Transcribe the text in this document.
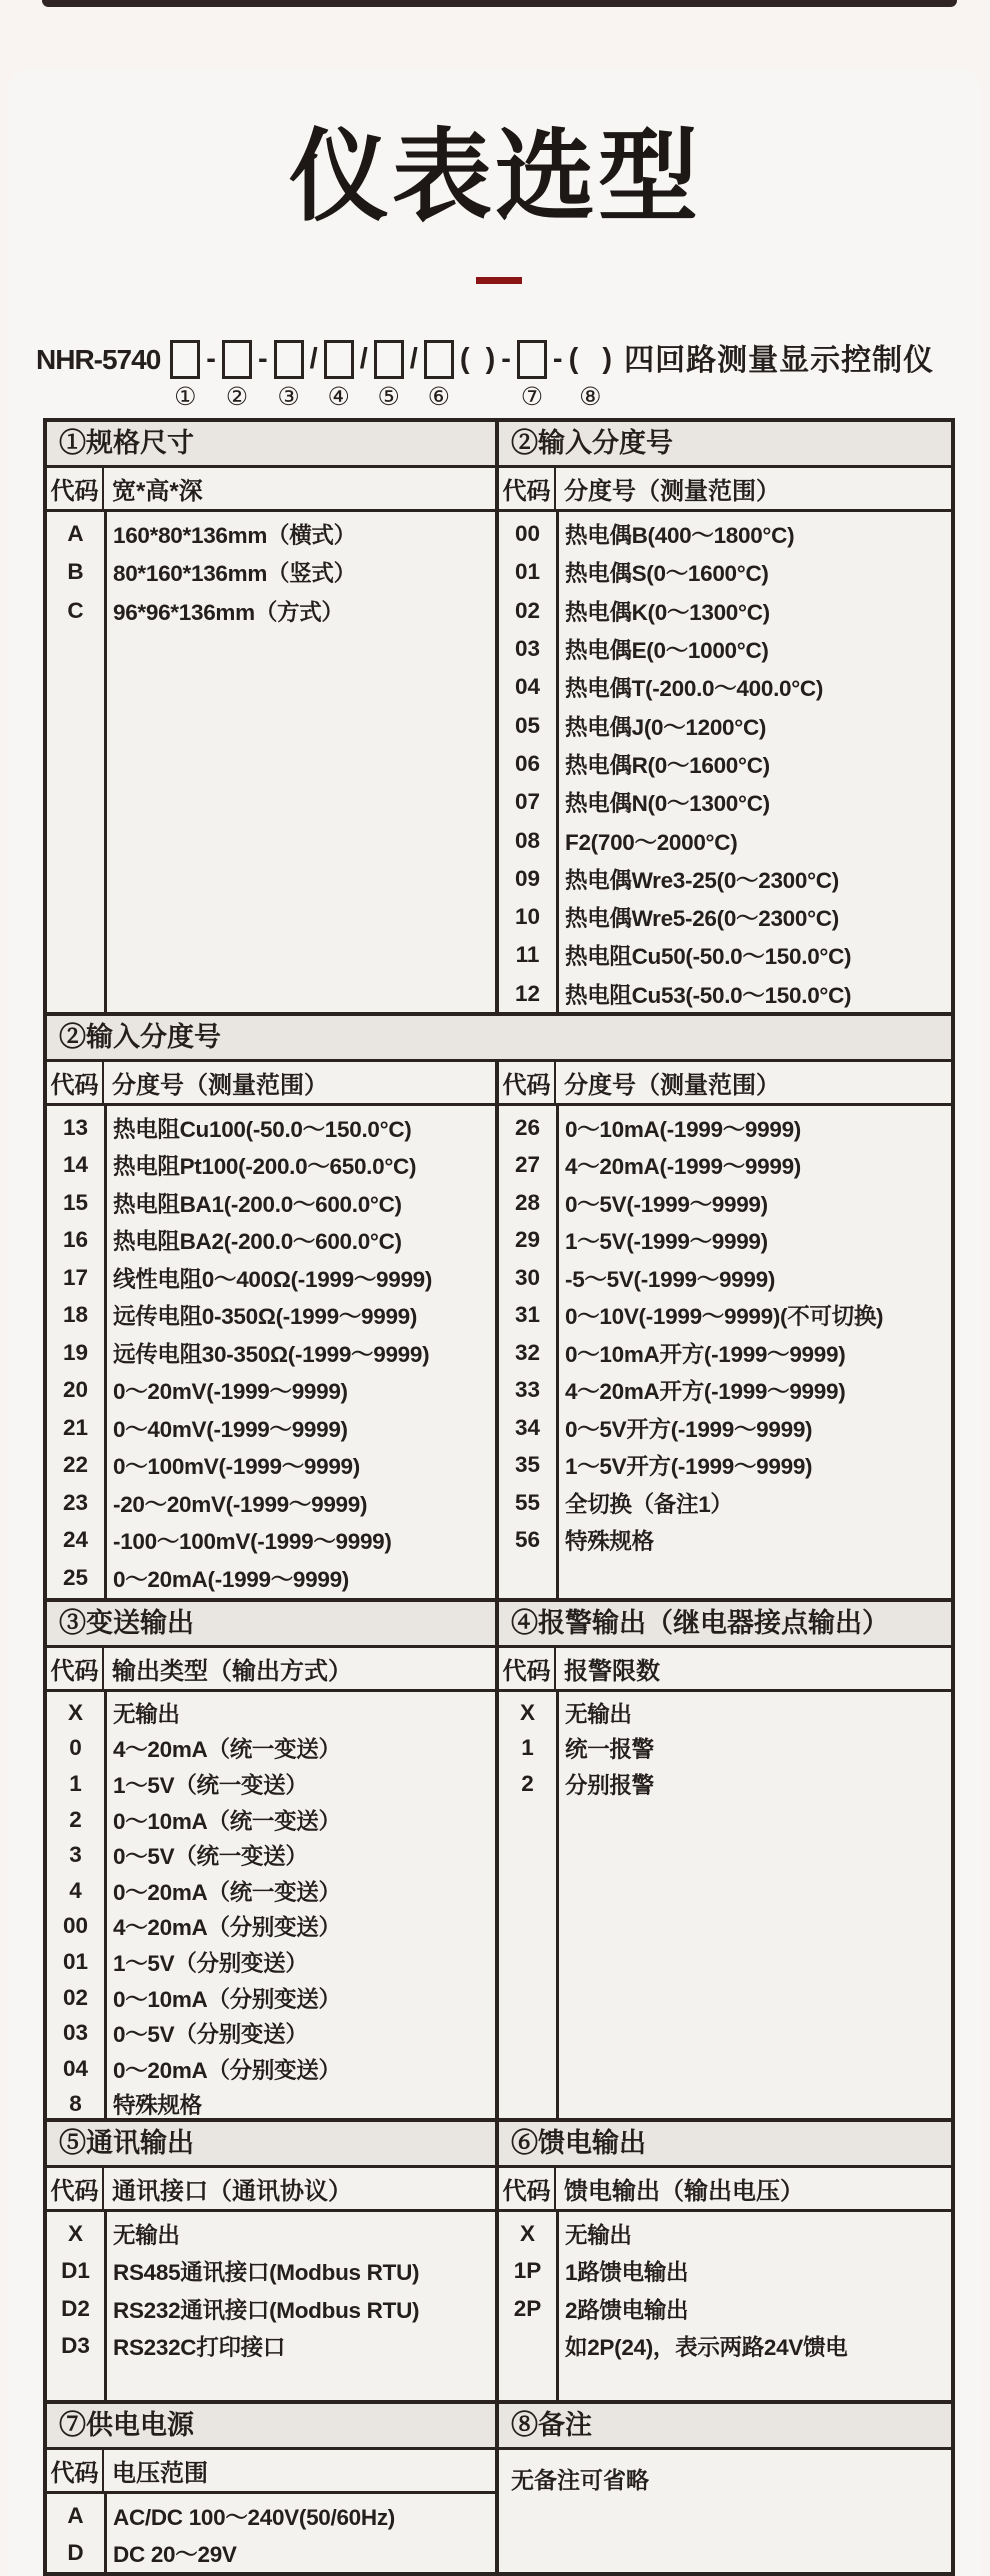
仪表选型
NHR-5740
①
-
②
-
③
/
④
/
⑤
/
⑥
(  ) -
⑦
- (   )
⑧
四回路测量显示控制仪
①规格尺寸
代码 宽*高*深
A	160*80*136mm（横式）
B	80*160*136mm（竖式）
C	96*96*136mm（方式）
②输入分度号
代码 分度号（测量范围）
00	热电偶B(400～1800°C)
01	热电偶S(0～1600°C)
02	热电偶K(0～1300°C)
03	热电偶E(0～1000°C)
04	热电偶T(-200.0～400.0°C)
05	热电偶J(0～1200°C)
06	热电偶R(0～1600°C)
07	热电偶N(0～1300°C)
08	F2(700～2000°C)
09	热电偶Wre3-25(0～2300°C)
10	热电偶Wre5-26(0～2300°C)
11	热电阻Cu50(-50.0～150.0°C)
12	热电阻Cu53(-50.0～150.0°C)
②输入分度号
代码 分度号（测量范围）
13	热电阻Cu100(-50.0～150.0°C)
14	热电阻Pt100(-200.0～650.0°C)
15	热电阻BA1(-200.0～600.0°C)
16	热电阻BA2(-200.0～600.0°C)
17	线性电阻0～400Ω(-1999～9999)
18	远传电阻0-350Ω(-1999～9999)
19	远传电阻30-350Ω(-1999～9999)
20	0～20mV(-1999～9999)
21	0～40mV(-1999～9999)
22	0～100mV(-1999～9999)
23	-20～20mV(-1999～9999)
24	-100～100mV(-1999～9999)
25	0～20mA(-1999～9999)
代码 分度号（测量范围）
26	0～10mA(-1999～9999)
27	4～20mA(-1999～9999)
28	0～5V(-1999～9999)
29	1～5V(-1999～9999)
30	-5～5V(-1999～9999)
31	0～10V(-1999～9999)(不可切换)
32	0～10mA开方(-1999～9999)
33	4～20mA开方(-1999～9999)
34	0～5V开方(-1999～9999)
35	1～5V开方(-1999～9999)
55	全切换（备注1）
56	特殊规格
③变送输出
代码 输出类型（输出方式）
X	无输出
0	4～20mA（统一变送）
1	1～5V（统一变送）
2	0～10mA（统一变送）
3	0～5V（统一变送）
4	0～20mA（统一变送）
00	4～20mA（分别变送）
01	1～5V（分别变送）
02	0～10mA（分别变送）
03	0～5V（分别变送）
04	0～20mA（分别变送）
8	特殊规格
④报警输出（继电器接点输出）
代码 报警限数
X	无输出
1	统一报警
2	分别报警
⑤通讯输出
代码 通讯接口（通讯协议）
X	无输出
D1	RS485通讯接口(Modbus RTU)
D2	RS232通讯接口(Modbus RTU)
D3	RS232C打印接口
⑥馈电输出
代码 馈电输出（输出电压）
X	无输出
1P	1路馈电输出
2P	2路馈电输出
如2P(24)，表示两路24V馈电
⑦供电电源
代码 电压范围
A	AC/DC 100～240V(50/60Hz)
D	DC 20～29V
⑧备注
无备注可省略
